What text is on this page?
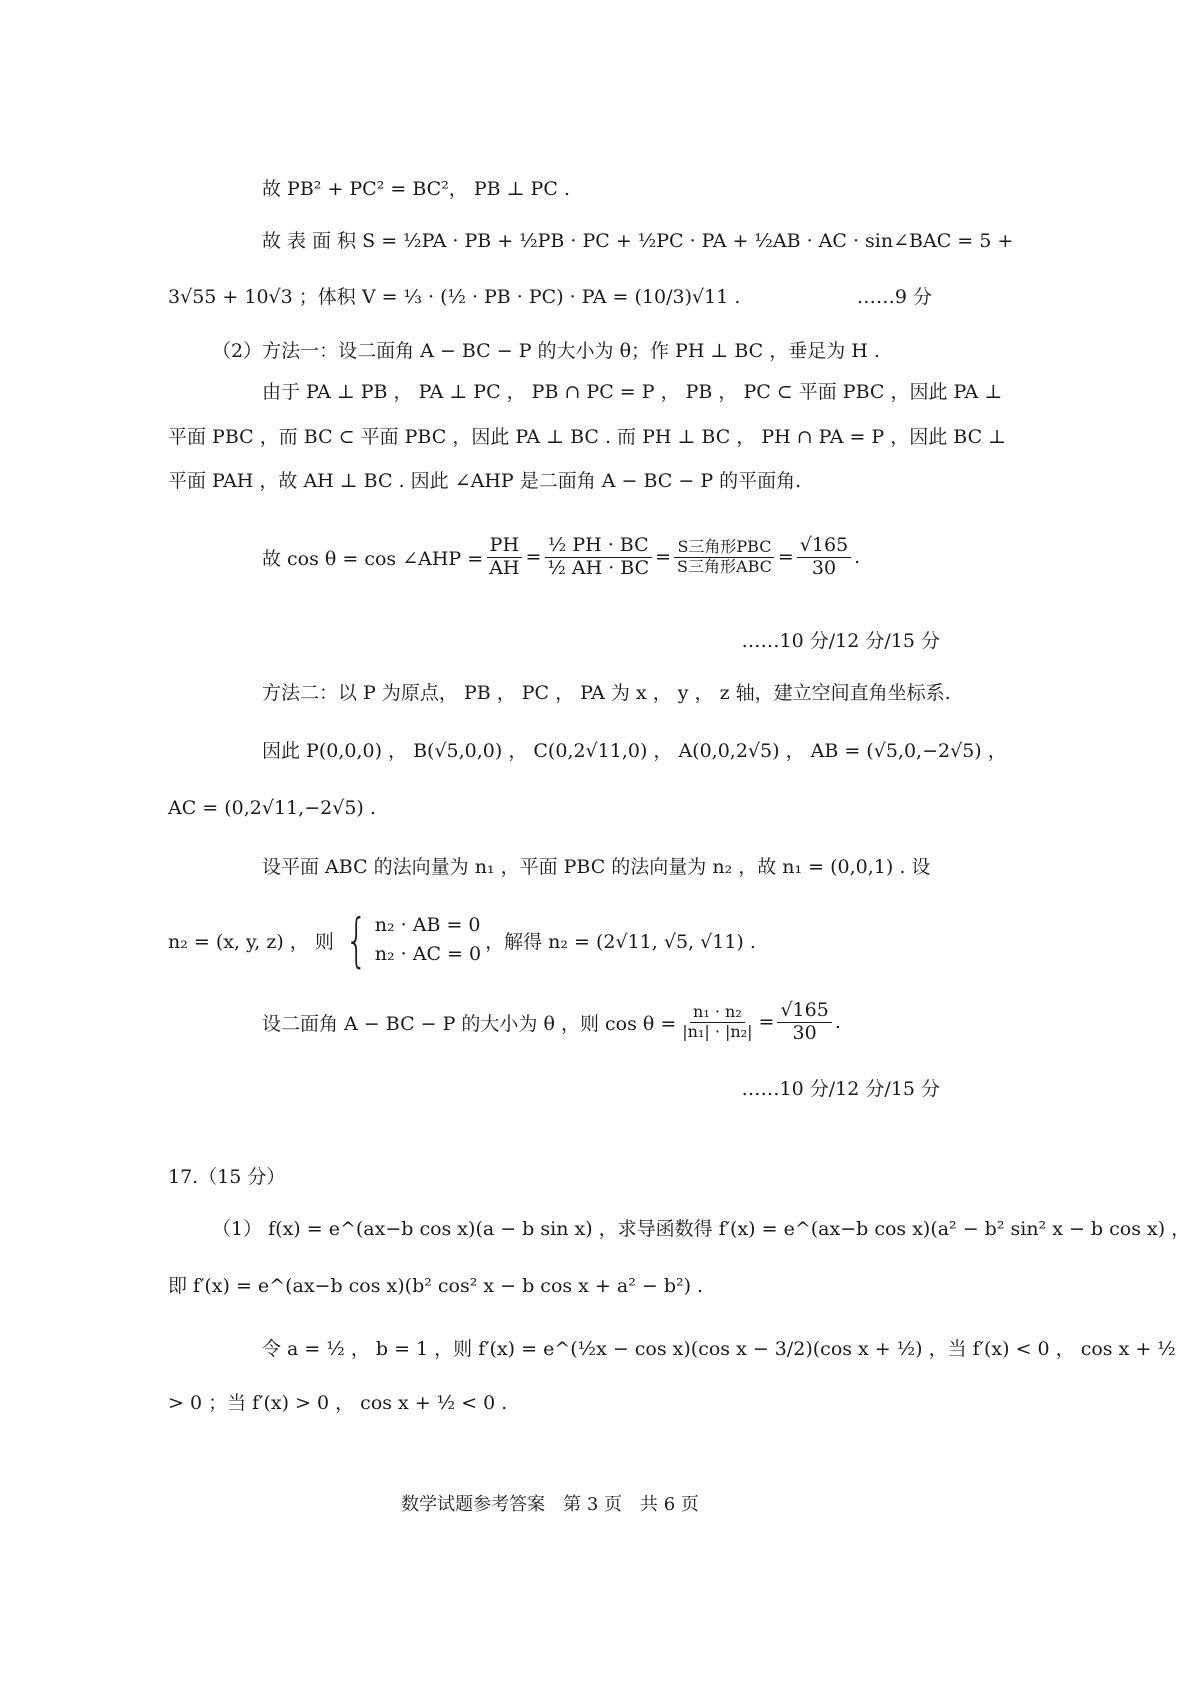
故 PB² + PC² = BC²， PB ⊥ PC .
故 表 面 积 S = ½PA · PB + ½PB · PC + ½PC · PA + ½AB · AC · sin∠BAC = 5 +
3√55 + 10√3 ；体积 V = ⅓ · (½ · PB · PC) · PA = (10/3)√11 .	……9 分
（2）方法一：设二面角 A − BC − P 的大小为 θ；作 PH ⊥ BC ，垂足为 H .
由于 PA ⊥ PB ， PA ⊥ PC ， PB ∩ PC = P ， PB ， PC ⊂ 平面 PBC ，因此 PA ⊥
平面 PBC ，而 BC ⊂ 平面 PBC ，因此 PA ⊥ BC . 而 PH ⊥ BC ， PH ∩ PA = P ，因此 BC ⊥
平面 PAH ，故 AH ⊥ BC . 因此 ∠AHP 是二面角 A − BC − P 的平面角.
故 cos θ = cos ∠AHP = $\frac{PH}{AH} = \frac{\text{½ PH · BC}}{\text{½ AH · BC}} = S$三角形PBC
S三角形ABC = $\frac{√165}{30}$ .
……10 分/12 分/15 分
方法二：以 P 为原点， PB ， PC ， PA 为 x ， y ， z 轴，建立空间直角坐标系.
因此 P(0,0,0) ， B(√5,0,0) ， C(0,2√11,0) ， A(0,0,2√5) ， AB = (√5,0,−2√5) ，
AC = (0,2√11,−2√5) .
设平面 ABC 的法向量为 n₁ ，平面 PBC 的法向量为 n₂ ，故 n₁ = (0,0,1) . 设
n₂ = (x, y, z) ， 则 { n₂ · AB = 0
n₂ · AC = 0
，解得 n₂ = (2√11, √5, √11) .
设二面角 A − BC − P 的大小为 θ ，则 $\cos \theta = \frac{\text{n₁ · n₂}}{\text{|n₁| · |n₂|}} = \frac{√165}{30}$ .
……10 分/12 分/15 分
17.（15 分）
（1） f(x) = e^(ax−b cos x)(a − b sin x) ，求导函数得 f′(x) = e^(ax−b cos x)(a² − b² sin² x − b cos x) ，
即 f′(x) = e^(ax−b cos x)(b² cos² x − b cos x + a² − b²) .
令 a = ½ ， b = 1 ，则 f′(x) = e^(½x − cos x)(cos x − 3/2)(cos x + ½) ，当 f′(x) < 0 ， cos x + ½
> 0 ；当 f′(x) > 0 ， cos x + ½ < 0 .
数学试题参考答案　第 3 页　共 6 页
